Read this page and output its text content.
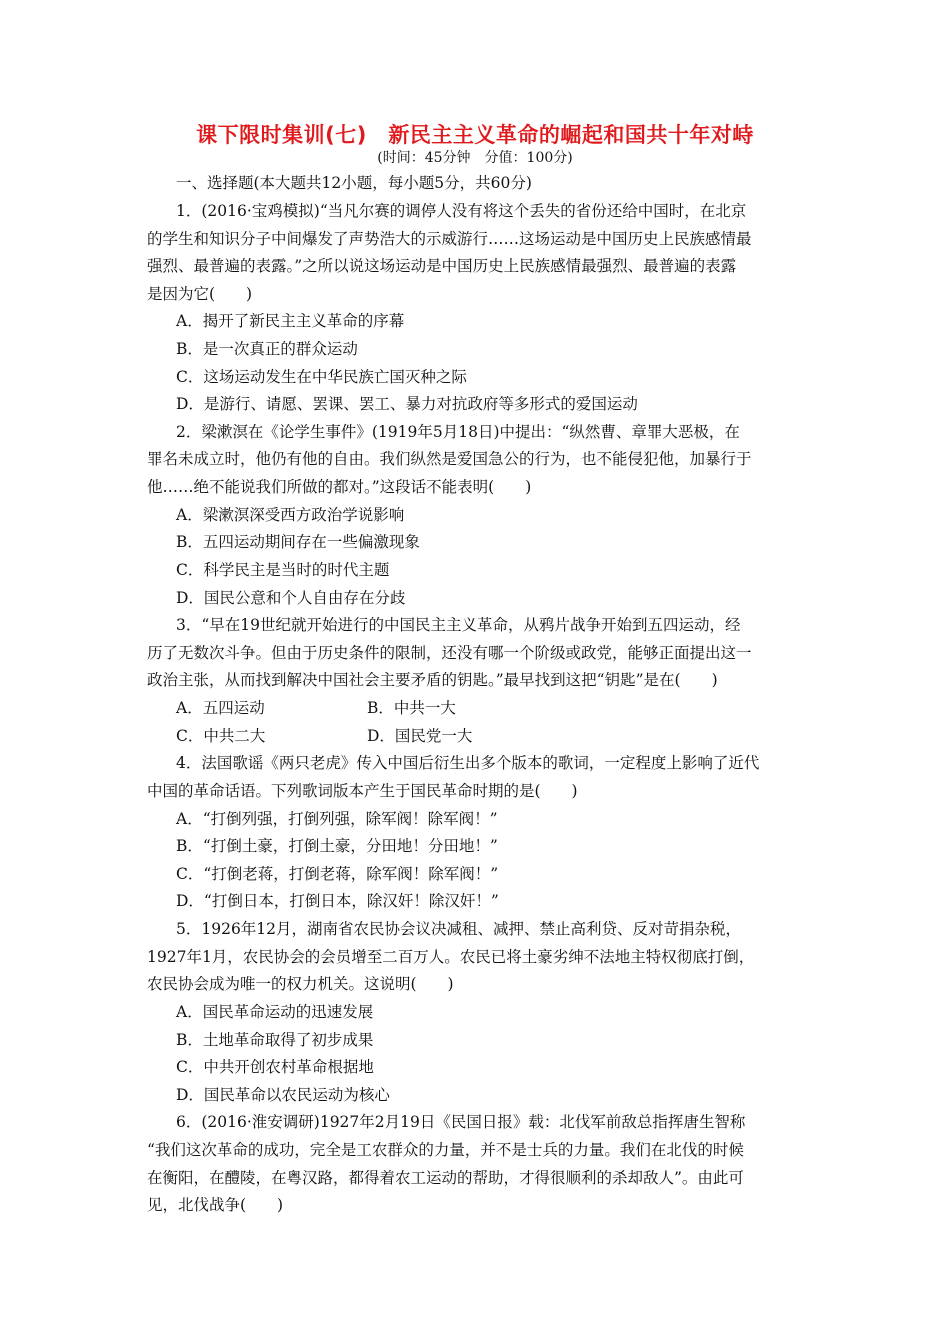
课下限时集训(七)　新民主主义革命的崛起和国共十年对峙
(时间：45分钟　分值：100分)
一、选择题(本大题共12小题，每小题5分，共60分)
1．(2016·宝鸡模拟)“当凡尔赛的调停人没有将这个丢失的省份还给中国时，在北京
的学生和知识分子中间爆发了声势浩大的示威游行……这场运动是中国历史上民族感情最
强烈、最普遍的表露。”之所以说这场运动是中国历史上民族感情最强烈、最普遍的表露
是因为它(　　)
A．揭开了新民主主义革命的序幕
B．是一次真正的群众运动
C．这场运动发生在中华民族亡国灭种之际
D．是游行、请愿、罢课、罢工、暴力对抗政府等多形式的爱国运动
2．梁漱溟在《论学生事件》(1919年5月18日)中提出：“纵然曹、章罪大恶极，在
罪名未成立时，他仍有他的自由。我们纵然是爱国急公的行为，也不能侵犯他，加暴行于
他……绝不能说我们所做的都对。”这段话不能表明(　　)
A．梁漱溟深受西方政治学说影响
B．五四运动期间存在一些偏激现象
C．科学民主是当时的时代主题
D．国民公意和个人自由存在分歧
3．“早在19世纪就开始进行的中国民主主义革命，从鸦片战争开始到五四运动，经
历了无数次斗争。但由于历史条件的限制，还没有哪一个阶级或政党，能够正面提出这一
政治主张，从而找到解决中国社会主要矛盾的钥匙。”最早找到这把“钥匙”是在(　　)
A．五四运动	B．中共一大
C．中共二大	D．国民党一大
4．法国歌谣《两只老虎》传入中国后衍生出多个版本的歌词，一定程度上影响了近代
中国的革命话语。下列歌词版本产生于国民革命时期的是(　　)
A．“打倒列强，打倒列强，除军阀！除军阀！”
B．“打倒土豪，打倒土豪，分田地！分田地！”
C．“打倒老蒋，打倒老蒋，除军阀！除军阀！”
D．“打倒日本，打倒日本，除汉奸！除汉奸！”
5．1926年12月，湖南省农民协会议决减租、减押、禁止高利贷、反对苛捐杂税，
1927年1月，农民协会的会员增至二百万人。农民已将土豪劣绅不法地主特权彻底打倒，
农民协会成为唯一的权力机关。这说明(　　)
A．国民革命运动的迅速发展
B．土地革命取得了初步成果
C．中共开创农村革命根据地
D．国民革命以农民运动为核心
6．(2016·淮安调研)1927年2月19日《民国日报》载：北伐军前敌总指挥唐生智称
“我们这次革命的成功，完全是工农群众的力量，并不是士兵的力量。我们在北伐的时候
在衡阳，在醴陵，在粤汉路，都得着农工运动的帮助，才得很顺利的杀却敌人”。由此可
见，北伐战争(　　)
